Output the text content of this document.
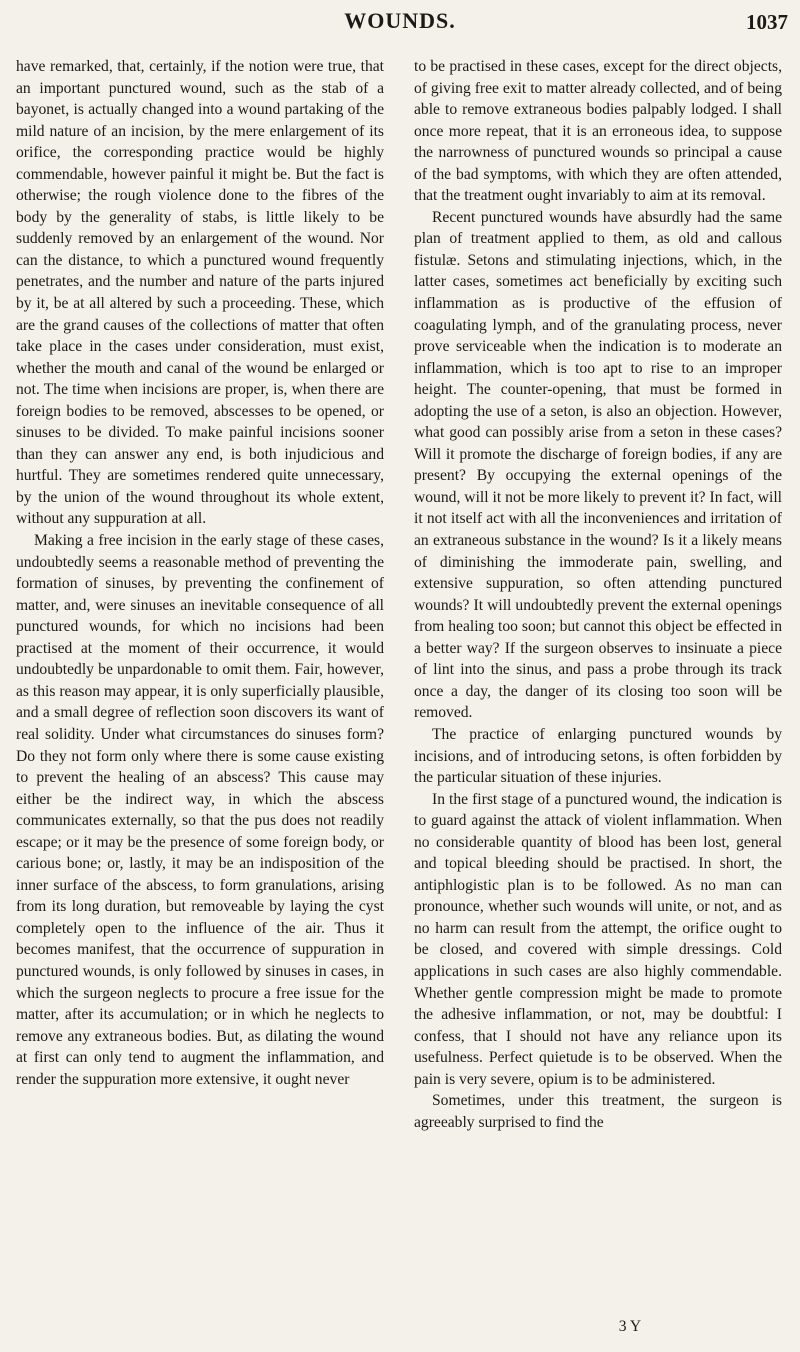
WOUNDS.	1037

have remarked, that, certainly, if the notion were true, that an important punctured wound, such as the stab of a bayonet, is actually changed into a wound partaking of the mild nature of an incision, by the mere enlargement of its orifice, the corresponding practice would be highly commendable, however painful it might be. But the fact is otherwise; the rough violence done to the fibres of the body by the generality of stabs, is little likely to be suddenly removed by an enlargement of the wound. Nor can the distance, to which a punctured wound frequently penetrates, and the number and nature of the parts injured by it, be at all altered by such a proceeding. These, which are the grand causes of the collections of matter that often take place in the cases under consideration, must exist, whether the mouth and canal of the wound be enlarged or not. The time when incisions are proper, is, when there are foreign bodies to be removed, abscesses to be opened, or sinuses to be divided. To make painful incisions sooner than they can answer any end, is both injudicious and hurtful. They are sometimes rendered quite unnecessary, by the union of the wound throughout its whole extent, without any suppuration at all.

Making a free incision in the early stage of these cases, undoubtedly seems a reasonable method of preventing the formation of sinuses, by preventing the confinement of matter, and, were sinuses an inevitable consequence of all punctured wounds, for which no incisions had been practised at the moment of their occurrence, it would undoubtedly be unpardonable to omit them. Fair, however, as this reason may appear, it is only superficially plausible, and a small degree of reflection soon discovers its want of real solidity. Under what circumstances do sinuses form? Do they not form only where there is some cause existing to prevent the healing of an abscess? This cause may either be the indirect way, in which the abscess communicates externally, so that the pus does not readily escape; or it may be the presence of some foreign body, or carious bone; or, lastly, it may be an indisposition of the inner surface of the abscess, to form granulations, arising from its long duration, but removeable by laying the cyst completely open to the influence of the air. Thus it becomes manifest, that the occurrence of suppuration in punctured wounds, is only followed by sinuses in cases, in which the surgeon neglects to procure a free issue for the matter, after its accumulation; or in which he neglects to remove any extraneous bodies. But, as dilating the wound at first can only tend to augment the inflammation, and render the suppuration more extensive, it ought never

to be practised in these cases, except for the direct objects, of giving free exit to matter already collected, and of being able to remove extraneous bodies palpably lodged. I shall once more repeat, that it is an erroneous idea, to suppose the narrowness of punctured wounds so principal a cause of the bad symptoms, with which they are often attended, that the treatment ought invariably to aim at its removal.

Recent punctured wounds have absurdly had the same plan of treatment applied to them, as old and callous fistulæ. Setons and stimulating injections, which, in the latter cases, sometimes act beneficially by exciting such inflammation as is productive of the effusion of coagulating lymph, and of the granulating process, never prove serviceable when the indication is to moderate an inflammation, which is too apt to rise to an improper height. The counter-opening, that must be formed in adopting the use of a seton, is also an objection. However, what good can possibly arise from a seton in these cases? Will it promote the discharge of foreign bodies, if any are present? By occupying the external openings of the wound, will it not be more likely to prevent it? In fact, will it not itself act with all the inconveniences and irritation of an extraneous substance in the wound? Is it a likely means of diminishing the immoderate pain, swelling, and extensive suppuration, so often attending punctured wounds? It will undoubtedly prevent the external openings from healing too soon; but cannot this object be effected in a better way? If the surgeon observes to insinuate a piece of lint into the sinus, and pass a probe through its track once a day, the danger of its closing too soon will be removed.

The practice of enlarging punctured wounds by incisions, and of introducing setons, is often forbidden by the particular situation of these injuries.

In the first stage of a punctured wound, the indication is to guard against the attack of violent inflammation. When no considerable quantity of blood has been lost, general and topical bleeding should be practised. In short, the antiphlogistic plan is to be followed. As no man can pronounce, whether such wounds will unite, or not, and as no harm can result from the attempt, the orifice ought to be closed, and covered with simple dressings. Cold applications in such cases are also highly commendable. Whether gentle compression might be made to promote the adhesive inflammation, or not, may be doubtful: I confess, that I should not have any reliance upon its usefulness. Perfect quietude is to be observed. When the pain is very severe, opium is to be administered.

Sometimes, under this treatment, the surgeon is agreeably surprised to find the

3 Y
